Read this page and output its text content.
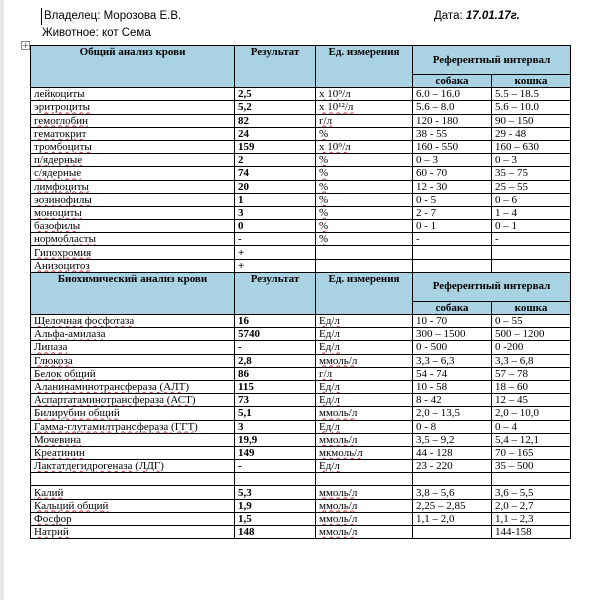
Владелец: Морозова Е.В.	Дата: 17.01.17г.
Животное: кот Сема
+
Общий анализ крови	Результат	Ед. измерения	Референтный интервал	
			собака	кошка
лейкоциты	2,5	x 10⁹/л	6.0 – 16.0	5.5 – 18.5
эритроциты	5,2	x 10¹²/л	5.6 – 8.0	5.6 – 10.0
гемоглобин	82	г/л	120 - 180	90 – 150
гематокрит	24	%	38 - 55	29 - 48
тромбоциты	159	x 10⁹/л	160 - 550	160 – 630
п/ядерные	2	%	0 – 3	0 – 3
с/ядерные	74	%	60 - 70	35 – 75
лимфоциты	20	%	12 - 30	25 – 55
эозинофилы	1	%	0 - 5	0 – 6
моноциты	3	%	2 - 7	1 – 4
базофилы	0	%	0 - 1	0 – 1
нормобласты	-	%	-	-
Гипохромия	+			
Анизоцитоз	+			
Биохимический анализ крови	Результат	Ед. измерения	Референтный интервал	
			собака	кошка
Щелочная фосфотаза	16	Ед/л	10 - 70	0 – 55
Альфа-амилаза	5740	Ед/л	300 – 1500	500 – 1200
Липаза	-	Ед/л	0 - 500	0 -200
Глюкоза	2,8	ммоль/л	3,3 – 6,3	3,3 – 6,8
Белок общий	86	г/л	54 - 74	57 – 78
Аланинаминотрансфераза (АЛТ)	115	Ед/л	10 - 58	18 – 60
Аспартатаминотрансфераза (АСТ)	73	Ед/л	8 - 42	12 – 45
Билирубин общий	5,1	ммоль/л	2,0 – 13,5	2,0 – 10,0
Гамма-глутамилтрансфераза (ГГТ)	3	Ед/л	0 - 8	0 – 4
Мочевина	19,9	ммоль/л	3,5 – 9,2	5,4 – 12,1
Креатинин	149	мкмоль/л	44 - 128	70 – 165
Лактатдегидрогеназа (ЛДГ)	-	Ед/л	23 - 220	35 – 500

Калий	5,3	ммоль/л	3,8 – 5,6	3,6 – 5,5
Кальций общий	1,9	ммоль/л	2,25 – 2,85	2,0 – 2,7
Фосфор	1,5	ммоль/л	1,1 – 2,0	1,1 – 2,3
Натрий	148	ммоль/л		144-158
